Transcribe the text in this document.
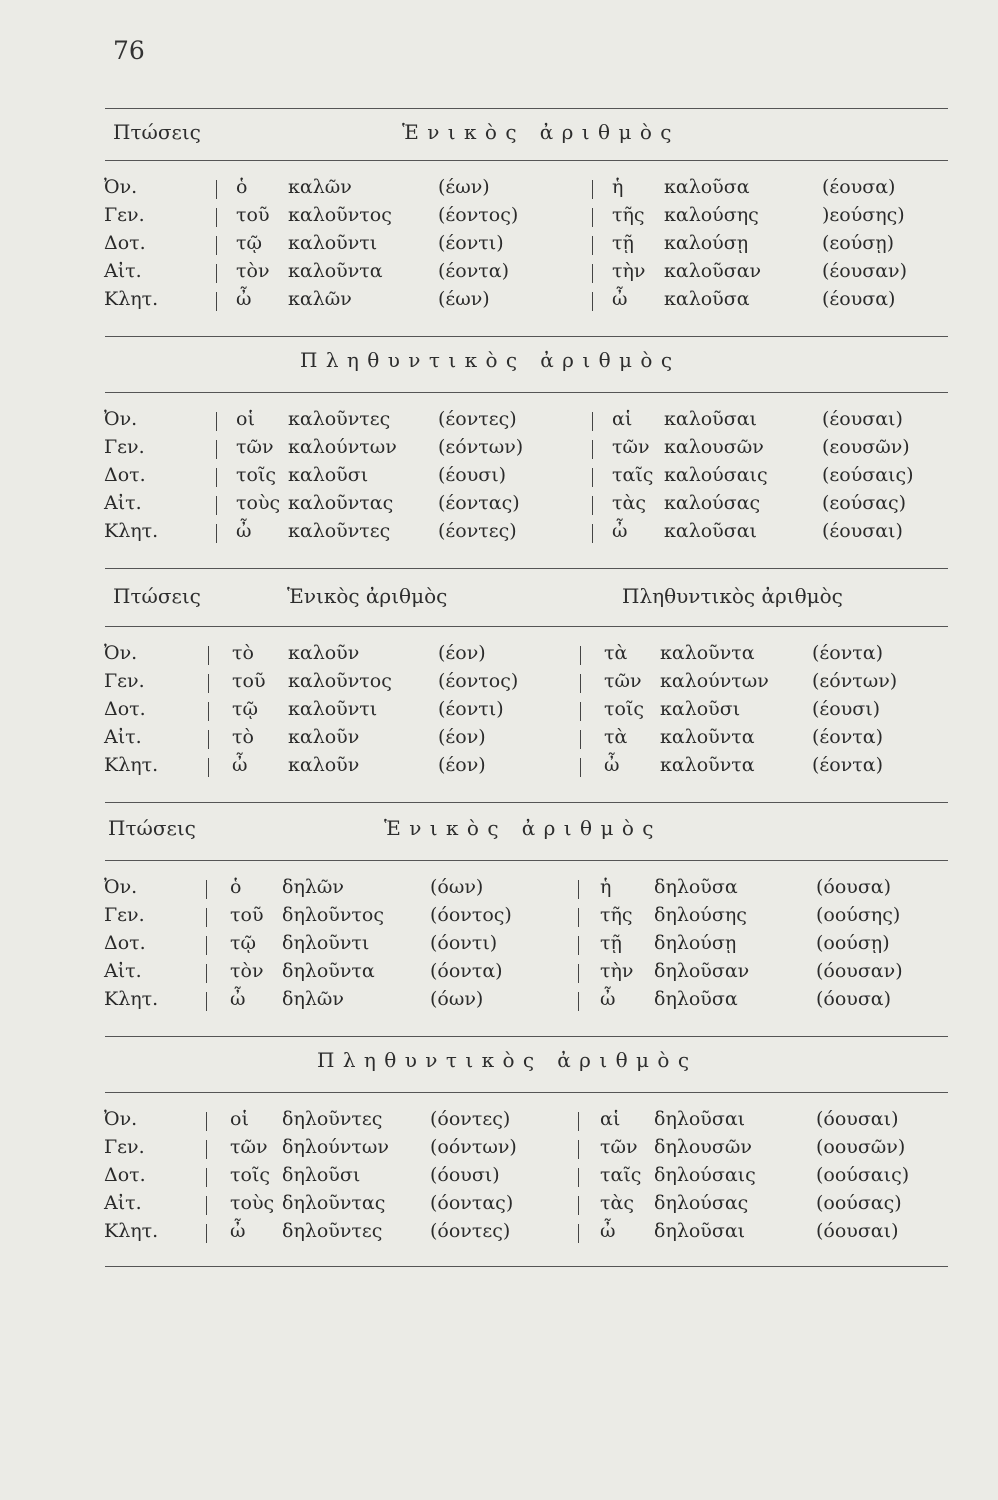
76
Πτώσεις	Ἑνικὸς ἀριθμὸς
Ὀν.	ὁ καλῶν	(έων)	ἡ καλοῦσα	(έουσα)
Γεν.	τοῦ καλοῦντος (έοντος)	τῆς καλούσης	)εούσης)
Δοτ.	τῷ καλοῦντι	(έοντι)	τῇ καλούσῃ	(εούσῃ)
Αἰτ.	τὸν καλοῦντα	(έοντα)	τὴν καλοῦσαν	(έουσαν)
Κλητ.	ὦ καλῶν	(έων)	ὦ καλοῦσα	(έουσα)
Πληθυντικὸς ἀριθμὸς
Ὀν.	οἱ καλοῦντες	(έοντες)	αἱ καλοῦσαι	(έουσαι)
Γεν.	τῶν καλούντων (εόντων)	τῶν καλουσῶν	(εουσῶν)
Δοτ.	τοῖς καλοῦσι	(έουσι)	ταῖς καλούσαις	(εούσαις)
Αἰτ.	τοὺς καλοῦντας (έοντας)	τὰς καλούσας	(εούσας)
Κλητ.	ὦ καλοῦντες	(έοντες)	ὦ καλοῦσαι	(έουσαι)
Πτώσεις	Ἑνικὸς ἀριθμὸς	Πληθυντικὸς ἀριθμὸς
Ὀν.	τὸ καλοῦν	(έον)	τὰ καλοῦντα	(έοντα)
Γεν.	τοῦ καλοῦντος (έοντος)	τῶν καλούντων (εόντων)
Δοτ.	τῷ καλοῦντι	(έοντι)	τοῖς καλοῦσι	(έουσι)
Αἰτ.	τὸ καλοῦν	(έον)	τὰ καλοῦντα	(έοντα)
Κλητ.	ὦ καλοῦν	(έον)	ὦ καλοῦντα	(έοντα)
Πτώσεις	Ἑνικὸς ἀριθμὸς
Ὀν.	ὁ δηλῶν	(όων)	ἡ δηλοῦσα	(όουσα)
Γεν.	τοῦ δηλοῦντος (όοντος)	τῆς δηλούσης	(οούσης)
Δοτ.	τῷ δηλοῦντι	(όοντι)	τῇ δηλούσῃ	(οούσῃ)
Αἰτ.	τὸν δηλοῦντα	(όοντα)	τὴν δηλοῦσαν	(όουσαν)
Κλητ.	ὦ δηλῶν	(όων)	ὦ δηλοῦσα	(όουσα)
Πληθυντικὸς ἀριθμὸς
Ὀν.	οἱ δηλοῦντες	(όοντες)	αἱ δηλοῦσαι	(όουσαι)
Γεν.	τῶν δηλούντων (οόντων)	τῶν δηλουσῶν	(οουσῶν)
Δοτ.	τοῖς δηλοῦσι	(όουσι)	ταῖς δηλούσαις	(οούσαις)
Αἰτ.	τοὺς δηλοῦντας (όοντας)	τὰς δηλούσας	(οούσας)
Κλητ.	ὦ δηλοῦντες	(όοντες)	ὦ δηλοῦσαι	(όουσαι)
